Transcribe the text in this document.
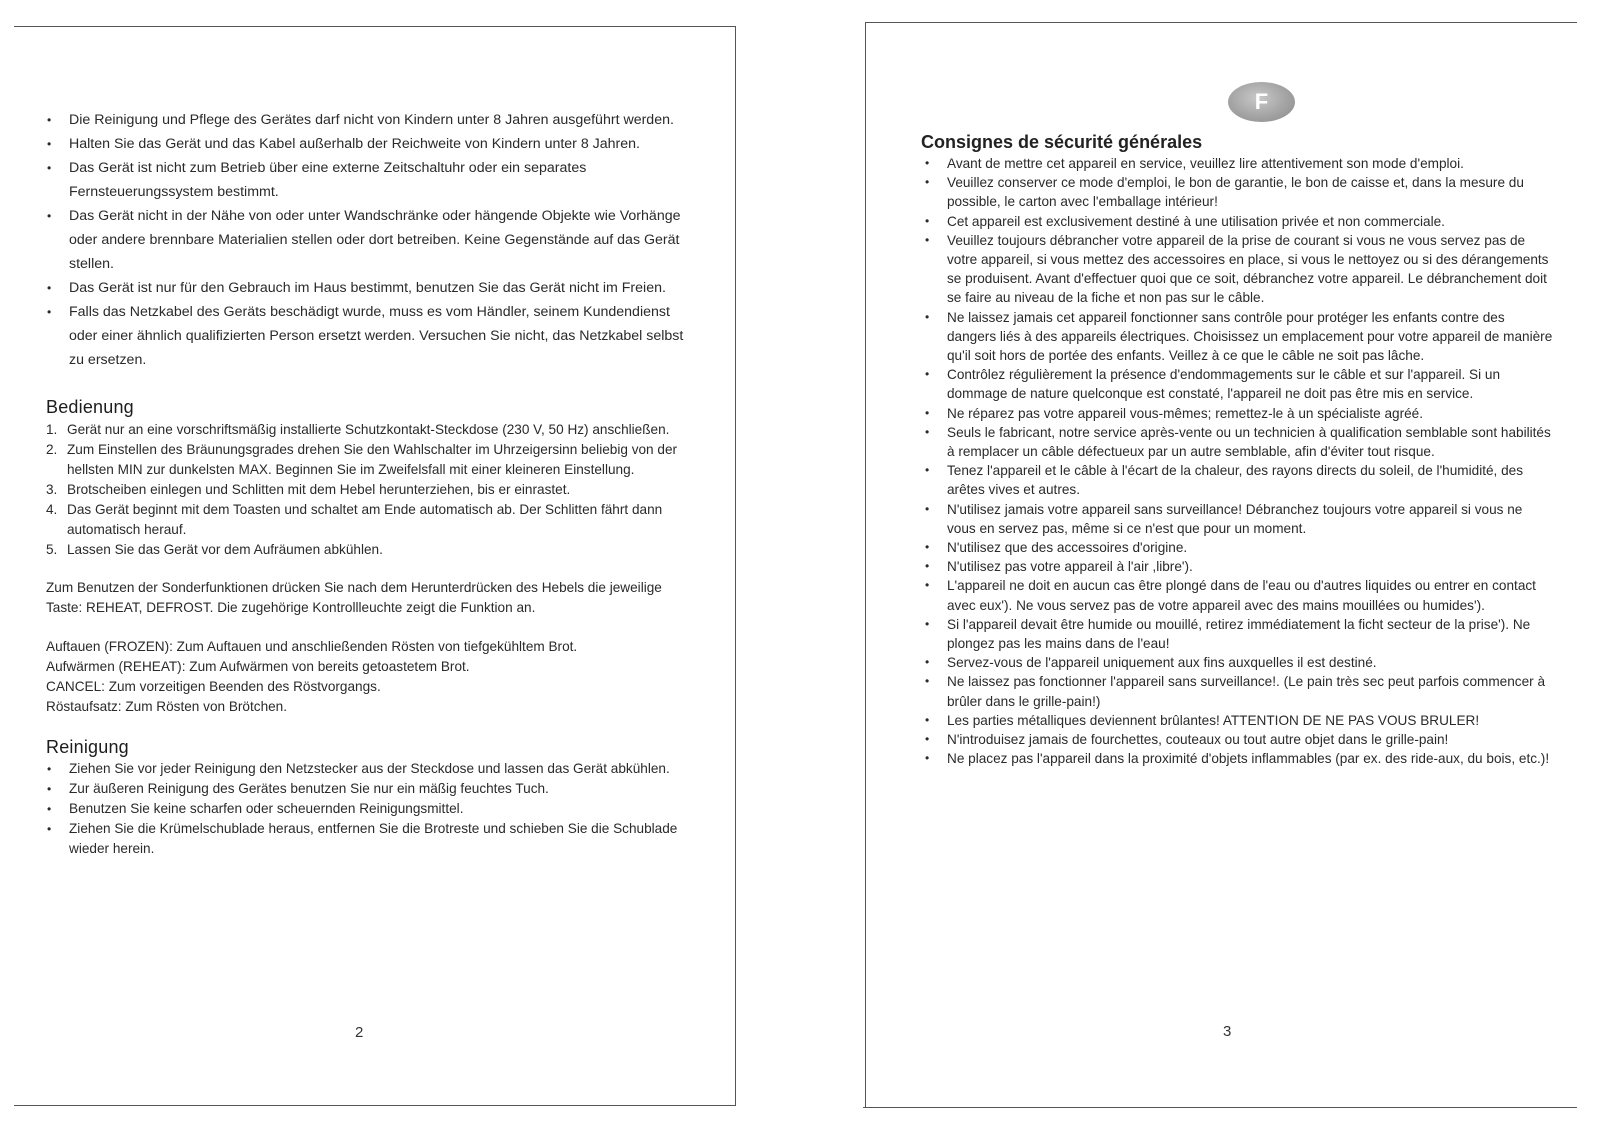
• Die Reinigung und Pflege des Gerätes darf nicht von Kindern unter 8 Jahren ausgeführt werden.
• Halten Sie das Gerät und das Kabel außerhalb der Reichweite von Kindern unter 8 Jahren.
• Das Gerät ist nicht zum Betrieb über eine externe Zeitschaltuhr oder ein separates Fernsteuerungssystem bestimmt.
• Das Gerät nicht in der Nähe von oder unter Wandschränke oder hängende Objekte wie Vorhänge oder andere brennbare Materialien stellen oder dort betreiben. Keine Gegenstände auf das Gerät stellen.
• Das Gerät ist nur für den Gebrauch im Haus bestimmt, benutzen Sie das Gerät nicht im Freien.
• Falls das Netzkabel des Geräts beschädigt wurde, muss es vom Händler, seinem Kundendienst oder einer ähnlich qualifizierten Person ersetzt werden. Versuchen Sie nicht, das Netzkabel selbst zu ersetzen.
Bedienung
1. Gerät nur an eine vorschriftsmäßig installierte Schutzkontakt-Steckdose (230 V, 50 Hz) anschließen.
2. Zum Einstellen des Bräunungsgrades drehen Sie den Wahlschalter im Uhrzeigersinn beliebig von der hellsten MIN zur dunkelsten MAX. Beginnen Sie im Zweifelsfall mit einer kleineren Einstellung.
3. Brotscheiben einlegen und Schlitten mit dem Hebel herunterziehen, bis er einrastet.
4. Das Gerät beginnt mit dem Toasten und schaltet am Ende automatisch ab. Der Schlitten fährt dann automatisch herauf.
5. Lassen Sie das Gerät vor dem Aufräumen abkühlen.

Zum Benutzen der Sonderfunktionen drücken Sie nach dem Herunterdrücken des Hebels die jeweilige Taste: REHEAT, DEFROST. Die zugehörige Kontrollleuchte zeigt die Funktion an.

Auftauen (FROZEN): Zum Auftauen und anschließenden Rösten von tiefgekühltem Brot.

Aufwärmen (REHEAT): Zum Aufwärmen von bereits getoastetem Brot.

CANCEL: Zum vorzeitigen Beenden des Röstvorgangs.

Röstaufsatz: Zum Rösten von Brötchen.

Reinigung
• Ziehen Sie vor jeder Reinigung den Netzstecker aus der Steckdose und lassen das Gerät abkühlen.
• Zur äußeren Reinigung des Gerätes benutzen Sie nur ein mäßig feuchtes Tuch.
• Benutzen Sie keine scharfen oder scheuernden Reinigungsmittel.
• Ziehen Sie die Krümelschublade heraus, entfernen Sie die Brotreste und schieben Sie die Schublade wieder herein.
2
F
Consignes de sécurité générales
• Avant de mettre cet appareil en service, veuillez lire attentivement son mode d'emploi.
• Veuillez conserver ce mode d'emploi, le bon de garantie, le bon de caisse et, dans la mesure du possible, le carton avec l'emballage intérieur!
• Cet appareil est exclusivement destiné à une utilisation privée et non commerciale.
• Veuillez toujours débrancher votre appareil de la prise de courant si vous ne vous servez pas de votre appareil, si vous mettez des accessoires en place, si vous le nettoyez ou si des dérangements se produisent. Avant d'effectuer quoi que ce soit, débranchez votre appareil. Le débranchement doit se faire au niveau de la fiche et non pas sur le câble.
• Ne laissez jamais cet appareil fonctionner sans contrôle pour protéger les enfants contre des dangers liés à des appareils électriques. Choisissez un emplacement pour votre appareil de manière qu'il soit hors de portée des enfants. Veillez à ce que le câble ne soit pas lâche.
• Contrôlez régulièrement la présence d'endommagements sur le câble et sur l'appareil. Si un dommage de nature quelconque est constaté, l'appareil ne doit pas être mis en service.
• Ne réparez pas votre appareil vous-mêmes; remettez-le à un spécialiste agréé.
• Seuls le fabricant, notre service après-vente ou un technicien à qualification semblable sont habilités à remplacer un câble défectueux par un autre semblable, afin d'éviter tout risque.
• Tenez l'appareil et le câble à l'écart de la chaleur, des rayons directs du soleil, de l'humidité, des arêtes vives et autres.
• N'utilisez jamais votre appareil sans surveillance! Débranchez toujours votre appareil si vous ne vous en servez pas, même si ce n'est que pour un moment.
• N'utilisez que des accessoires d'origine.
• N'utilisez pas votre appareil à l'air ,libre').
• L'appareil ne doit en aucun cas être plongé dans de l'eau ou d'autres liquides ou entrer en contact avec eux'). Ne vous servez pas de votre appareil avec des mains mouillées ou humides').
• Si l'appareil devait être humide ou mouillé, retirez immédiatement la ficht secteur de la prise'). Ne plongez pas les mains dans de l'eau!
• Servez-vous de l'appareil uniquement aux fins auxquelles il est destiné.
• Ne laissez pas fonctionner l'appareil sans surveillance!. (Le pain très sec peut parfois commencer à brûler dans le grille-pain!)
• Les parties métalliques deviennent brûlantes! ATTENTION DE NE PAS VOUS BRULER!
• N'introduisez jamais de fourchettes, couteaux ou tout autre objet dans le grille-pain!
• Ne placez pas l'appareil dans la proximité d'objets inflammables (par ex. des ride-aux, du bois, etc.)!
3
